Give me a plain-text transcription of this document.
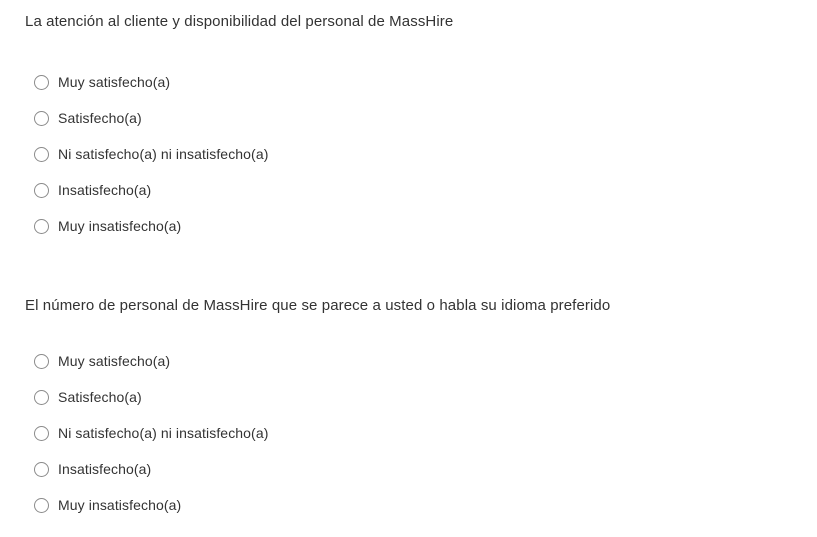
La atención al cliente y disponibilidad del personal de MassHire
Muy satisfecho(a)
Satisfecho(a)
Ni satisfecho(a) ni insatisfecho(a)
Insatisfecho(a)
Muy insatisfecho(a)
El número de personal de MassHire que se parece a usted o habla su idioma preferido
Muy satisfecho(a)
Satisfecho(a)
Ni satisfecho(a) ni insatisfecho(a)
Insatisfecho(a)
Muy insatisfecho(a)
